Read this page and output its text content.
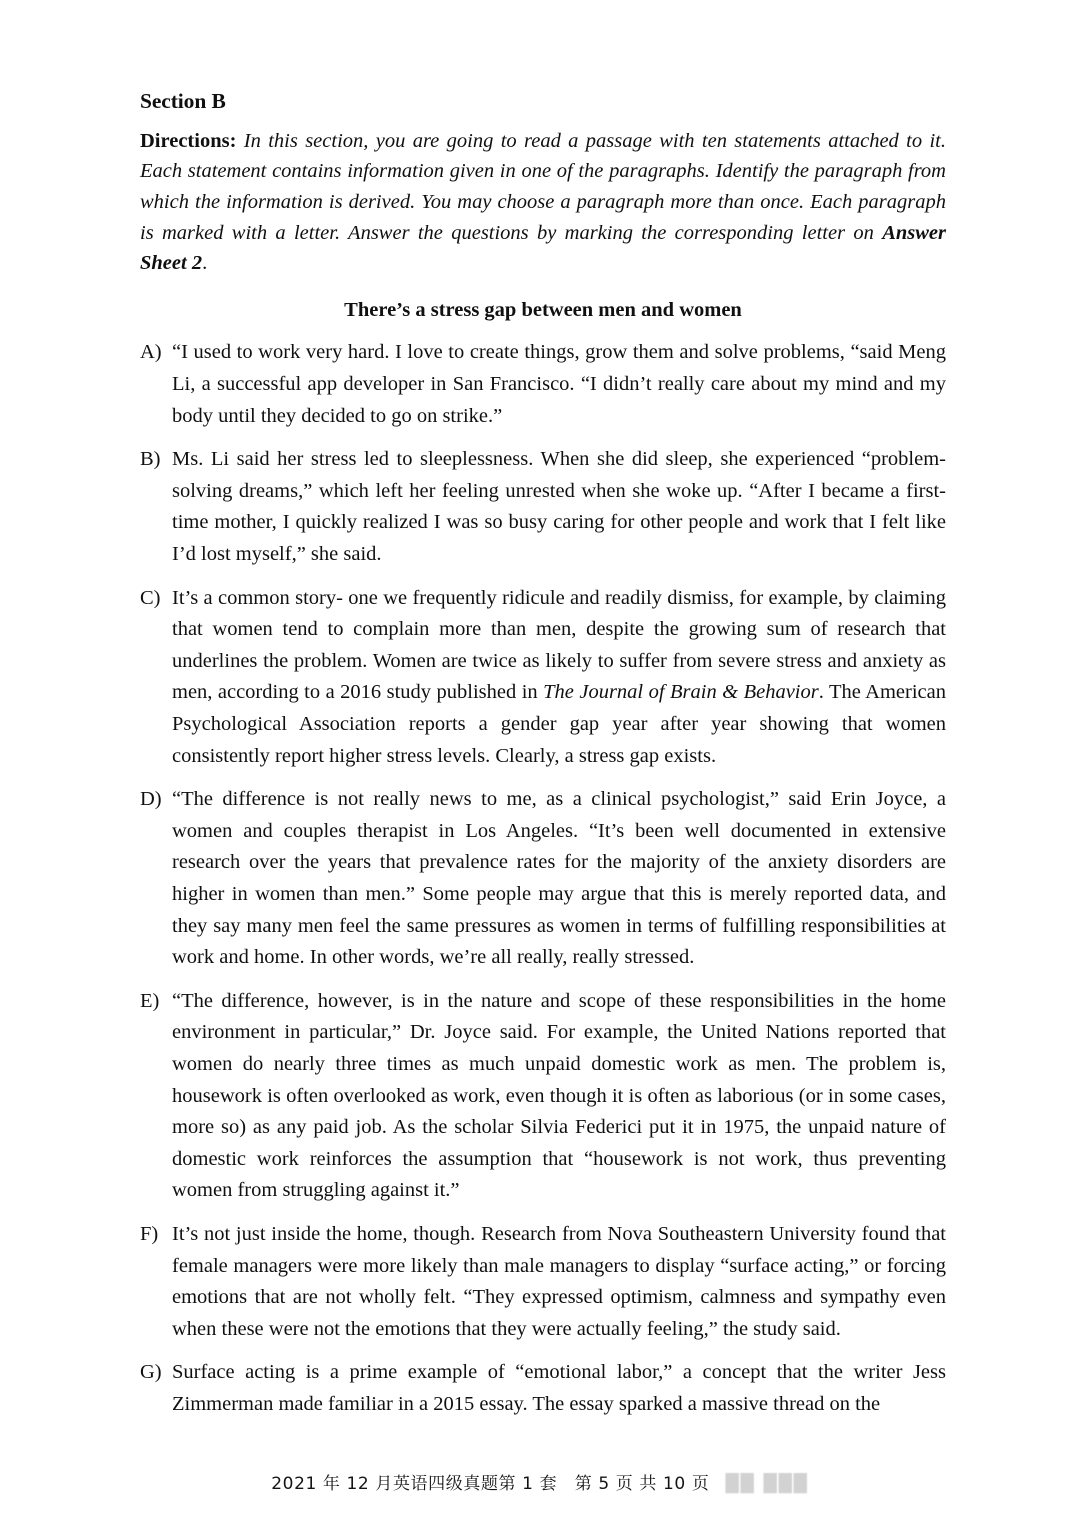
Section B

Directions: In this section, you are going to read a passage with ten statements attached to it. Each statement contains information given in one of the paragraphs. Identify the paragraph from which the information is derived. You may choose a paragraph more than once. Each paragraph is marked with a letter. Answer the questions by marking the corresponding letter on Answer Sheet 2.

There’s a stress gap between men and women
A) “I used to work very hard. I love to create things, grow them and solve problems, “said Meng Li, a successful app developer in San Francisco. “I didn’t really care about my mind and my body until they decided to go on strike.”
B) Ms. Li said her stress led to sleeplessness. When she did sleep, she experienced “problem-solving dreams,” which left her feeling unrested when she woke up. “After I became a first-time mother, I quickly realized I was so busy caring for other people and work that I felt like I’d lost myself,” she said.
C) It’s a common story- one we frequently ridicule and readily dismiss, for example, by claiming that women tend to complain more than men, despite the growing sum of research that underlines the problem. Women are twice as likely to suffer from severe stress and anxiety as men, according to a 2016 study published in The Journal of Brain & Behavior. The American Psychological Association reports a gender gap year after year showing that women consistently report higher stress levels. Clearly, a stress gap exists.
D) “The difference is not really news to me, as a clinical psychologist,” said Erin Joyce, a women and couples therapist in Los Angeles. “It’s been well documented in extensive research over the years that prevalence rates for the majority of the anxiety disorders are higher in women than men.” Some people may argue that this is merely reported data, and they say many men feel the same pressures as women in terms of fulfilling responsibilities at work and home. In other words, we’re all really, really stressed.
E) “The difference, however, is in the nature and scope of these responsibilities in the home environment in particular,” Dr. Joyce said. For example, the United Nations reported that women do nearly three times as much unpaid domestic work as men. The problem is, housework is often overlooked as work, even though it is often as laborious (or in some cases, more so) as any paid job. As the scholar Silvia Federici put it in 1975, the unpaid nature of domestic work reinforces the assumption that “housework is not work, thus preventing women from struggling against it.”
F) It’s not just inside the home, though. Research from Nova Southeastern University found that female managers were more likely than male managers to display “surface acting,” or forcing emotions that are not wholly felt. “They expressed optimism, calmness and sympathy even when these were not the emotions that they were actually feeling,” the study said.
G) Surface acting is a prime example of “emotional labor,” a concept that the writer Jess Zimmerman made familiar in a 2015 essay. The essay sparked a massive thread on the
2021 年 12 月英语四级真题第 1 套　第 5 页 共 10 页 ██ ███
